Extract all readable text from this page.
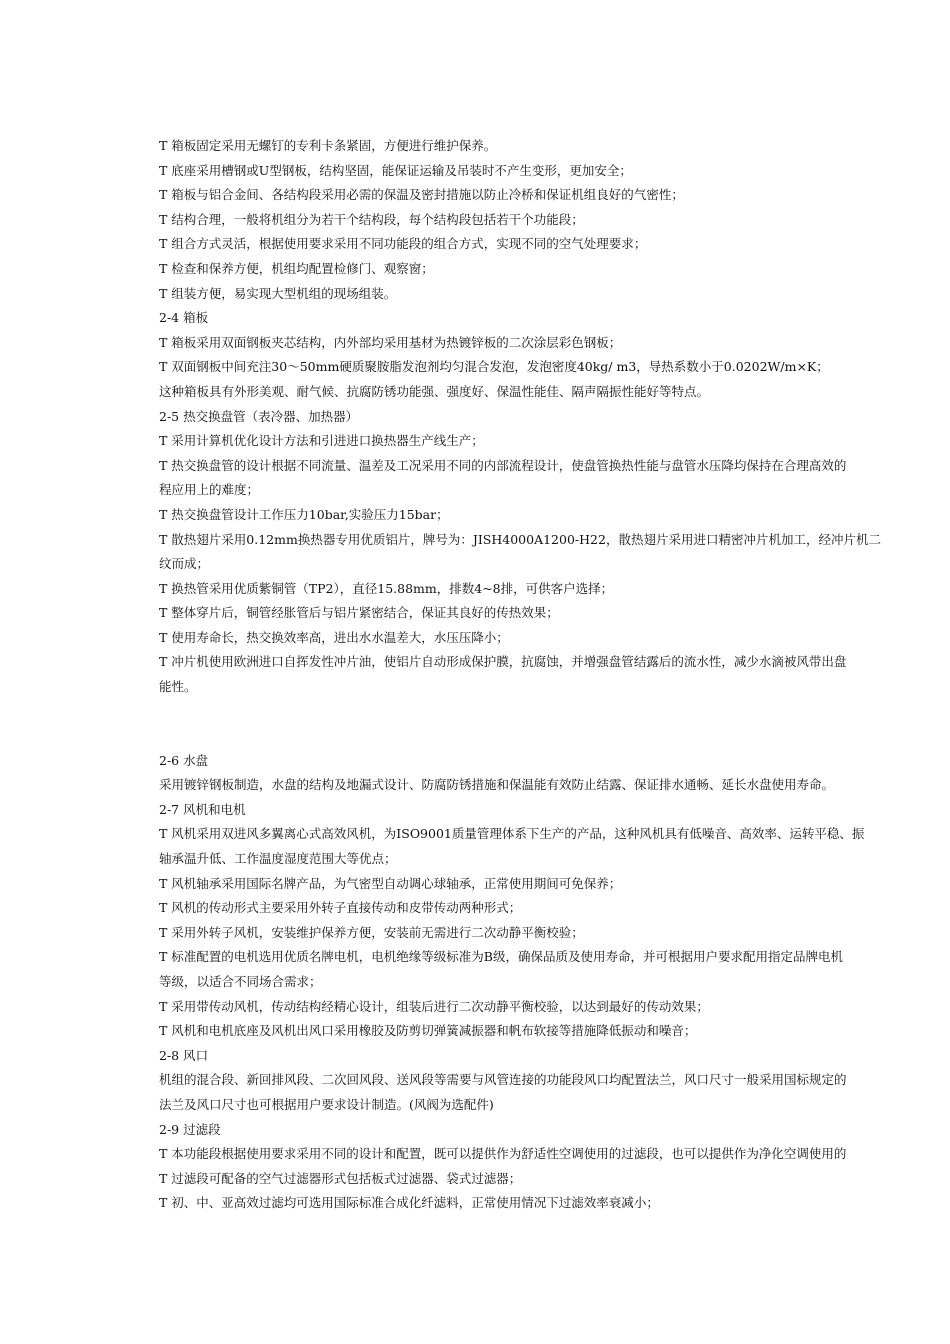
T 箱板固定采用无螺钉的专利卡条紧固，方便进行维护保养。
T 底座采用槽钢或U型钢板，结构坚固，能保证运输及吊装时不产生变形，更加安全；
T 箱板与铝合金间、各结构段采用必需的保温及密封措施以防止冷桥和保证机组良好的气密性；
T 结构合理，一般将机组分为若干个结构段，每个结构段包括若干个功能段；
T 组合方式灵活，根据使用要求采用不同功能段的组合方式，实现不同的空气处理要求；
T 检查和保养方便，机组均配置检修门、观察窗；
T 组装方便，易实现大型机组的现场组装。
2-4 箱板
T 箱板采用双面钢板夹芯结构，内外部均采用基材为热镀锌板的二次涂层彩色钢板；
T 双面钢板中间充注30～50mm硬质聚胺脂发泡剂均匀混合发泡，发泡密度40kg/ m3，导热系数小于0.0202W/m×K；
这种箱板具有外形美观、耐气候、抗腐防锈功能强、强度好、保温性能佳、隔声隔振性能好等特点。
2-5 热交换盘管（表冷器、加热器）
T 采用计算机优化设计方法和引进进口换热器生产线生产；
T 热交换盘管的设计根据不同流量、温差及工况采用不同的内部流程设计，使盘管换热性能与盘管水压降均保持在合理高效的
程应用上的难度；
T 热交换盘管设计工作压力10bar,实验压力15bar；
T 散热翅片采用0.12mm换热器专用优质铝片，牌号为：JISH4000A1200-H22，散热翅片采用进口精密冲片机加工，经冲片机二
纹而成；
T 换热管采用优质紫铜管（TP2），直径15.88mm，排数4~8排，可供客户选择；
T 整体穿片后，铜管经胀管后与铝片紧密结合，保证其良好的传热效果；
T 使用寿命长，热交换效率高，进出水水温差大，水压压降小；
T 冲片机使用欧洲进口自挥发性冲片油，使铝片自动形成保护膜，抗腐蚀，并增强盘管结露后的流水性，减少水滴被风带出盘
能性。
2-6 水盘
采用镀锌钢板制造，水盘的结构及地漏式设计、防腐防锈措施和保温能有效防止结露、保证排水通畅、延长水盘使用寿命。
2-7 风机和电机
T 风机采用双进风多翼离心式高效风机，为ISO9001质量管理体系下生产的产品，这种风机具有低噪音、高效率、运转平稳、振
轴承温升低、工作温度湿度范围大等优点；
T 风机轴承采用国际名牌产品，为气密型自动调心球轴承，正常使用期间可免保养；
T 风机的传动形式主要采用外转子直接传动和皮带传动两种形式；
T 采用外转子风机，安装维护保养方便，安装前无需进行二次动静平衡校验；
T 标准配置的电机选用优质名牌电机，电机绝缘等级标准为B级，确保品质及使用寿命，并可根据用户要求配用指定品牌电机
等级，以适合不同场合需求；
T 采用带传动风机，传动结构经精心设计，组装后进行二次动静平衡校验，以达到最好的传动效果；
T 风机和电机底座及风机出风口采用橡胶及防剪切弹簧减振器和帆布软接等措施降低振动和噪音；
2-8 风口
机组的混合段、新回排风段、二次回风段、送风段等需要与风管连接的功能段风口均配置法兰，风口尺寸一般采用国标规定的
法兰及风口尺寸也可根据用户要求设计制造。(风阀为选配件)
2-9 过滤段
T 本功能段根据使用要求采用不同的设计和配置，既可以提供作为舒适性空调使用的过滤段，也可以提供作为净化空调使用的
T 过滤段可配备的空气过滤器形式包括板式过滤器、袋式过滤器；
T 初、中、亚高效过滤均可选用国际标准合成化纤滤料，正常使用情况下过滤效率衰减小；
